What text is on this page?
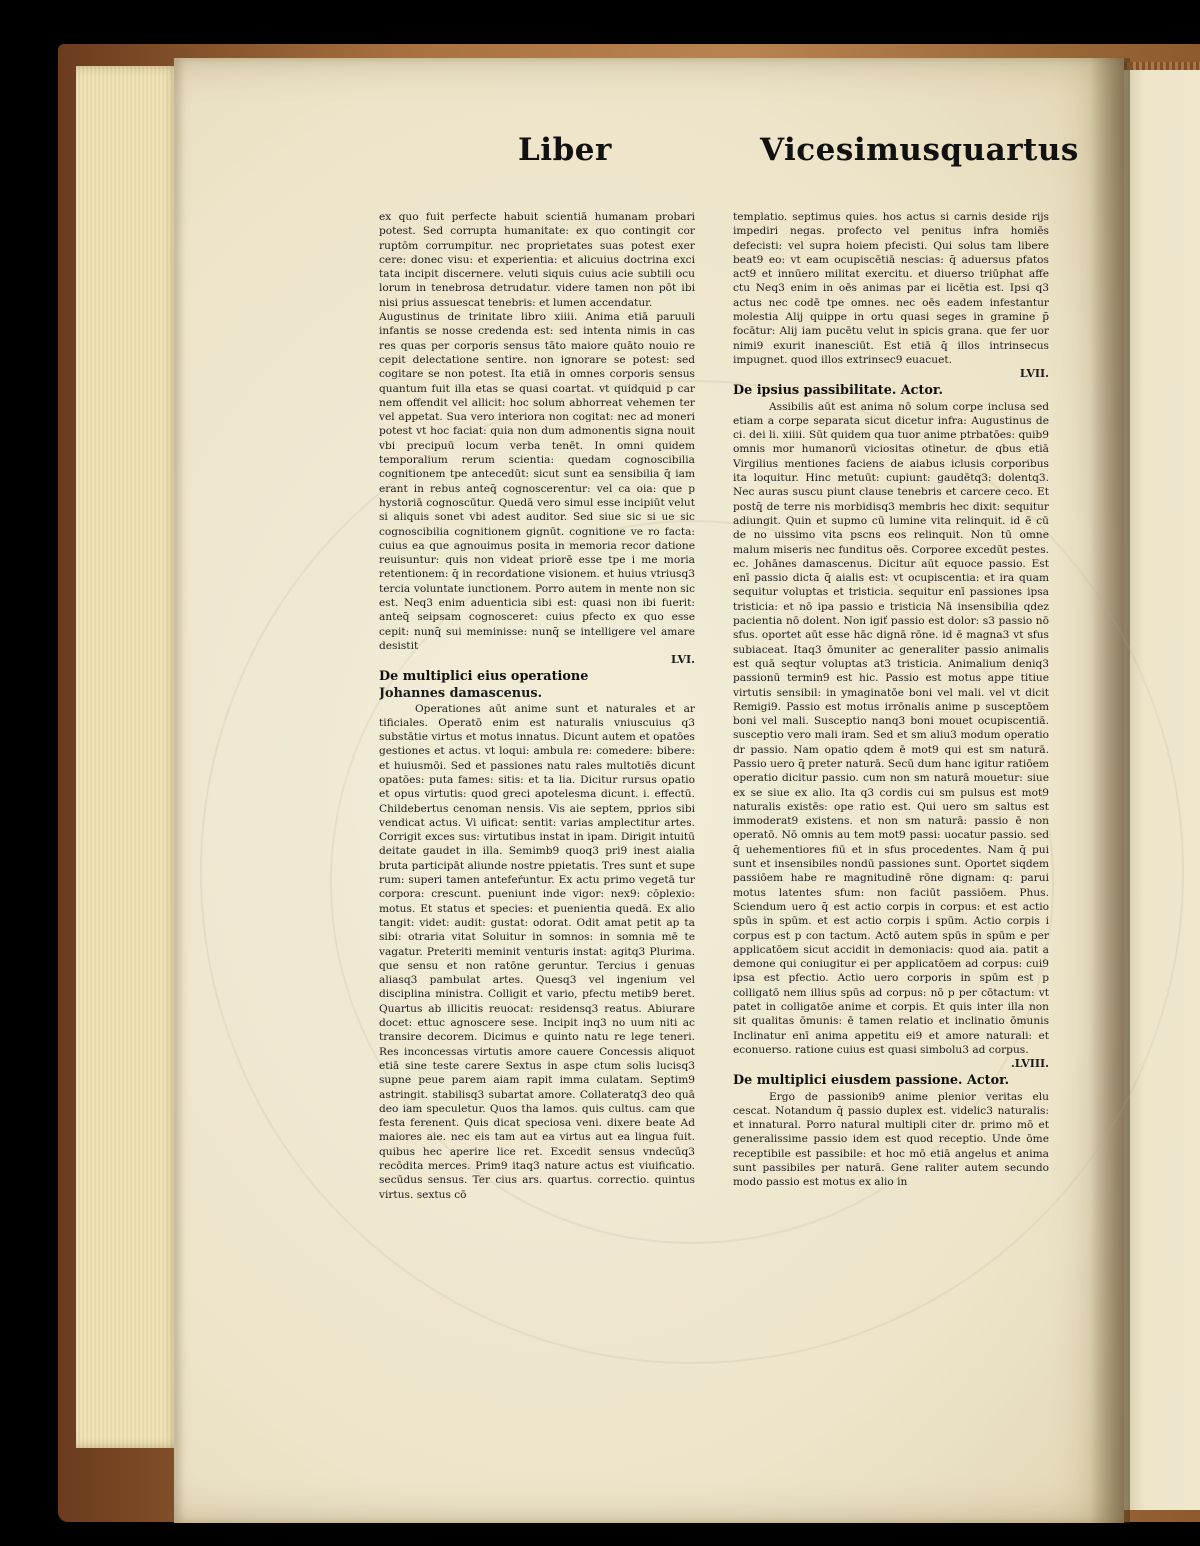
Liber	Vicesimusquartus

ex quo fuit perfecte habuit scientiā humanam probari potest. Sed corrupta humanitate: ex quo contingit cor ruptōm corrumpitur. nec proprietates suas potest exer cere: donec visu: et experientia: et alicuius doctrina exci tata incipit discernere. veluti siquis cuius acie subtili ocu lorum in tenebrosa detrudatur. videre tamen non pōt ibi nisi prius assuescat tenebris: et lumen accendatur.

Augustinus de trinitate libro xiiii. Anima etiā paruuli infantis se nosse credenda est: sed intenta nimis in cas res quas per corporis sensus tāto maiore quāto nouio re cepit delectatione sentire. non ignorare se potest: sed cogitare se non potest. Ita etiā in omnes corporis sensus quantum fuit illa etas se quasi coartat. vt quidquid p car nem offendit vel allicit: hoc solum abhorreat vehemen ter vel appetat. Sua vero interiora non cogitat: nec ad moneri potest vt hoc faciat: quia non dum admonentis signa nouit vbi precipuū locum verba tenēt. In omni quidem temporalium rerum scientia: quedam cognoscibilia cognitionem tpe antecedūt: sicut sunt ea sensibilia q̄ iam erant in rebus anteq̄ cognoscerentur: vel ca oia: que p hystoriā cognoscūtur. Quedā vero simul esse incipiūt velut si aliquis sonet vbi adest auditor. Sed siue sic si ue sic cognoscibilia cognitionem gignūt. cognitione ve ro facta: cuius ea que agnouimus posita in memoria recor datione reuisuntur: quis non videat priorē esse tpe i me moria retentionem: q̄ in recordatione visionem. et huius vtriusq3 tercia voluntate iunctionem. Porro autem in mente non sic est. Neq3 enim aduenticia sibi est: quasi non ibi fuerit: anteq̄ seipsam cognosceret: cuius pfecto ex quo esse cepit: nunq̄ sui meminisse: nunq̄ se intelligere vel amare desistit

LVI.
De multiplici eius operatione
Johannes damascenus.

Operationes aūt anime sunt et naturales et ar tificiales. Operatō enim est naturalis vniuscuius q3 substātie virtus et motus innatus. Dicunt autem et opatōes gestiones et actus. vt loqui: ambula re: comedere: bibere: et huiusmōi. Sed et passiones natu rales multotiēs dicunt opatōes: puta fames: sitis: et ta lia. Dicitur rursus opatio et opus virtutis: quod greci apotelesma dicunt. i. effectū. Childebertus cenoman nensis. Vis aie septem, pprios sibi vendicat actus. Vi uificat: sentit: varias amplectitur artes. Corrigit exces sus: virtutibus instat in ipam. Dirigit intuitū deitate gaudet in illa. Semimb9 quoq3 pri9 inest aialia bruta participāt aliunde nostre ppietatis. Tres sunt et supe rum: superi tamen antefeŕuntur. Ex actu primo vegetā tur corpora: crescunt. pueniunt inde vigor: nex9: cōplexio: motus. Et status et species: et puenientia quedā. Ex alio tangit: videt: audit: gustat: odorat. Odit amat petit ap ta sibi: otraria vitat Soluitur in somnos: in somnia mē te vagatur. Preteriti meminit venturis instat: agitq3 Plurima. que sensu et non ratōne geruntur. Tercius i genuas aliasq3 pambulat artes. Quesq3 vel ingenium vel disciplina ministra. Colligit et vario, pfectu metib9 beret. Quartus ab illicitis reuocat: residensq3 reatus. Abiurare docet: ettuc agnoscere sese. Incipit inq3 no uum niti ac transire decorem. Dicimus e quinto natu re lege teneri. Res inconcessas virtutis amore cauere Concessis aliquot etiā sine teste carere Sextus in aspe ctum solis lucisq3 supne peue parem aiam rapit imma culatam. Septim9 astringit. stabilisq3 subartat amore. Collateratq3 deo quā deo iam speculetur. Quos tha lamos. quis cultus. cam que festa ferenent. Quis dicat speciosa veni. dixere beate Ad maiores aie. nec eis tam aut ea virtus aut ea lingua fuit. quibus hec aperire lice ret. Excedit sensus vndecūq3 recōdita merces. Prim9 itaq3 nature actus est viuificatio. secūdus sensus. Ter cius ars. quartus. correctio. quintus virtus. sextus cō

templatio. septimus quies. hos actus si carnis deside rijs impediri negas. profecto vel penitus infra homiēs defecisti: vel supra hoiem pfecisti. Qui solus tam libere beat9 eo: vt eam ocupiscētiā nescias: q̄ aduersus pfatos act9 et innūero militat exercitu. et diuerso triūphat affe ctu Neq3 enim in oēs animas par ei licētia est. Ipsi q3 actus nec codē tpe omnes. nec oēs eadem infestantur molestia Alij quippe in ortu quasi seges in gramine p̄ focātur: Alij iam pucētu velut in spicis grana. que fer uor nimi9 exurit inanesciūt. Est etiā q̄ illos intrinsecus impugnet. quod illos extrinsec9 euacuet.

LVII.
De ipsius passibilitate. Actor.

Assibilis aūt est anima nō solum corpe inclusa sed etiam a corpe separata sicut dicetur infra: Augustinus de ci. dei li. xiiii. Sūt quidem qua tuor anime ptrbatōes: quib9 omnis mor humanorū viciositas otinetur. de qbus etiā Virgilius mentiones faciens de aiabus iclusis corporibus ita loquitur. Hinc metuūt: cupiunt: gaudētq3: dolentq3. Nec auras suscu piunt clause tenebris et carcere ceco. Et postq̄ de terre nis morbidisq3 membris hec dixit: sequitur adiungit. Quin et supmo cū lumine vita relinquit. id ē cū de no uissimo vita pscns eos relinquit. Non tū omne malum miseris nec funditus oēs. Corporee excedūt pestes. ec. Johānes damascenus. Dicitur aūt equoce passio. Est enī passio dicta q̄ aialis est: vt ocupiscentia: et ira quam sequitur voluptas et tristicia. sequitur enī passiones ipsa tristicia: et nō ipa passio e tristicia Nā insensibilia qdez pacientia nō dolent. Non igiť passio est dolor: s3 passio nō sfus. oportet aūt esse hāc dignā rōne. id ē magna3 vt sfus subiaceat. Itaq3 ōmuniter ac generaliter passio animalis est quā seqtur voluptas at3 tristicia. Animalium deniq3 passionū termin9 est hic. Passio est motus appe titiue virtutis sensibil: in ymaginatōe boni vel mali. vel vt dicit Remigi9. Passio est motus irrōnalis anime p susceptōem boni vel mali. Susceptio nanq3 boni mouet ocupiscentiā. susceptio vero mali iram. Sed et sm aliu3 modum operatio dr passio. Nam opatio qdem ē mot9 qui est sm naturā. Passio uero q̄ preter naturā. Secū dum hanc igitur ratiōem operatio dicitur passio. cum non sm naturā mouetur: siue ex se siue ex alio. Ita q3 cordis cui sm pulsus est mot9 naturalis existēs: ope ratio est. Qui uero sm saltus est immoderat9 existens. et non sm naturā: passio ē non operatō. Nō omnis au tem mot9 passi: uocatur passio. sed q̄ uehementiores fiū et in sfus procedentes. Nam q̄ pui sunt et insensibiles nondū passiones sunt. Oportet siqdem passiōem habe re magnitudinē rōne dignam: q: parui motus latentes sfum: non faciūt passiōem. Phus. Sciendum uero q̄ est actio corpis in corpus: et est actio spūs in spūm. et est actio corpis i spūm. Actio corpis i corpus est p con tactum. Actō autem spūs in spūm e per applicatōem sicut accidit in demoniacis: quod aia. patit a demone qui coniugitur ei per applicatōem ad corpus: cui9 ipsa est pfectio. Actio uero corporis in spūm est p colligatō nem illius spūs ad corpus: nō p per cōtactum: vt patet in colligatōe anime et corpis. Et quis inter illa non sit qualitas ōmunis: ē tamen relatio et inclinatio ōmunis Inclinatur enī anima appetitu ei9 et amore naturali: et econuerso. ratione cuius est quasi simbolu3 ad corpus.

.LVIII.
De multiplici eiusdem passione. Actor.

Ergo de passionib9 anime plenior veritas elu cescat. Notandum q̄ passio duplex est. videlic3 naturalis: et innatural. Porro natural multipli citer dr. primo mō et generalissime passio idem est quod receptio. Unde ōme receptibile est passibile: et hoc mō etiā angelus et anima sunt passibiles per naturā. Gene raliter autem secundo modo passio est motus ex alio in
